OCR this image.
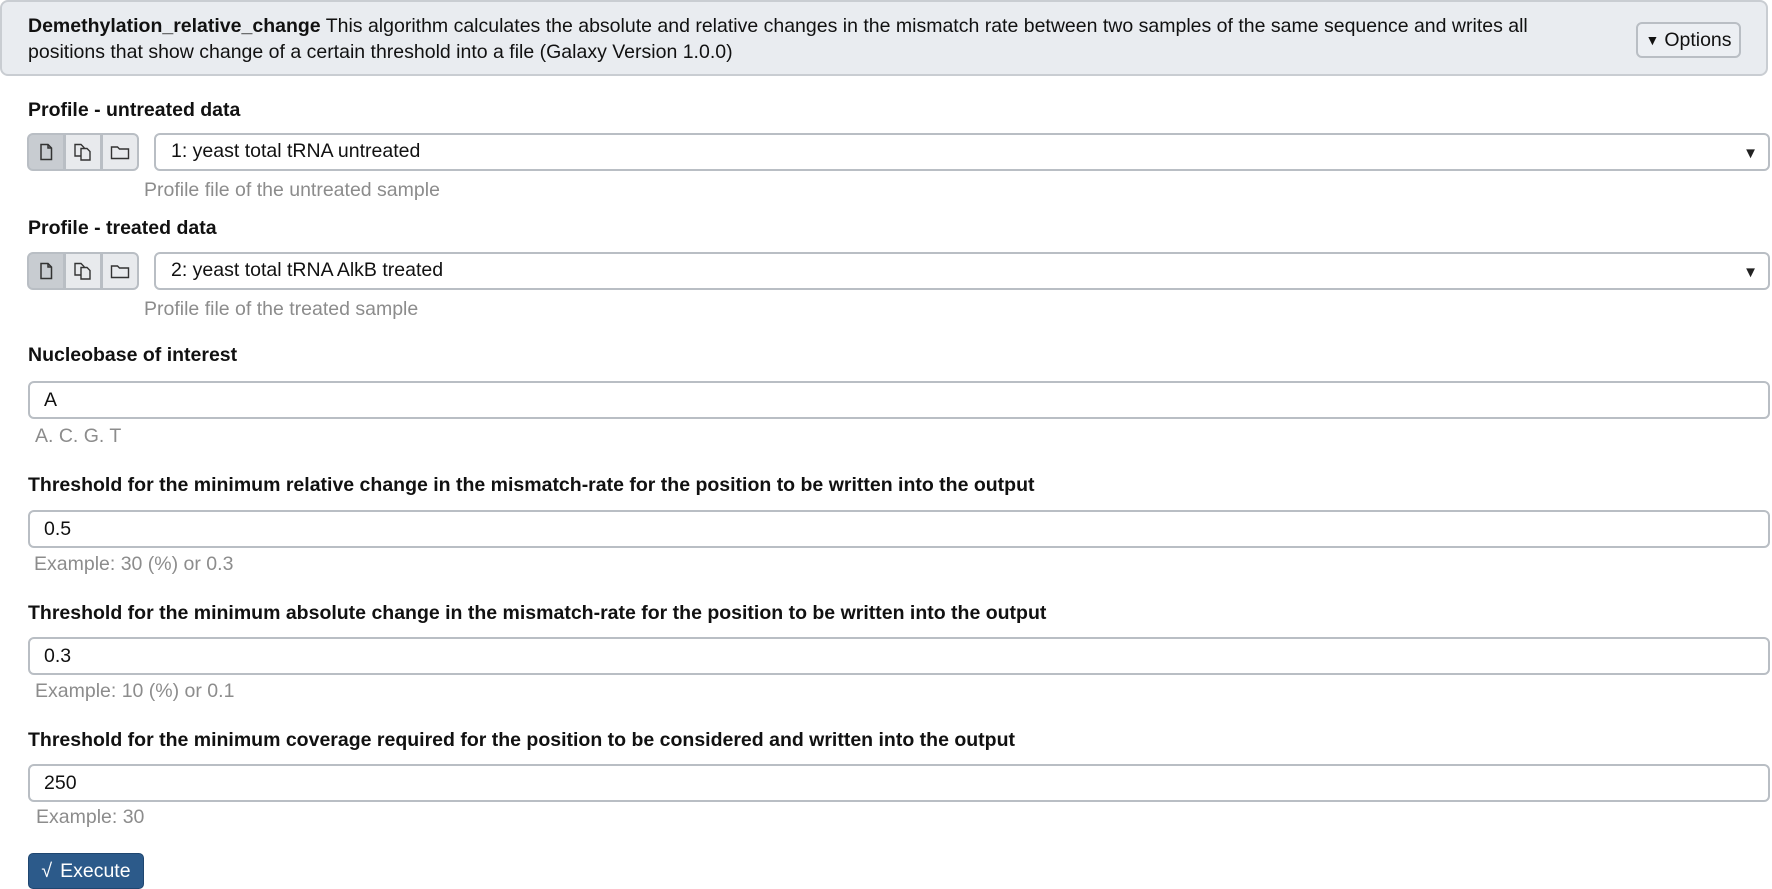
Demethylation_relative_change This algorithm calculates the absolute and relative changes in the mismatch rate between two samples of the same sequence and writes all positions that show change of a certain threshold into a file (Galaxy Version 1.0.0)
▼ Options
Profile - untreated data
1: yeast total tRNA untreated	▼
Profile file of the untreated sample
Profile - treated data
2: yeast total tRNA AlkB treated	▼
Profile file of the treated sample
Nucleobase of interest
A
A. C. G. T
Threshold for the minimum relative change in the mismatch-rate for the position to be written into the output
0.5
Example: 30 (%) or 0.3
Threshold for the minimum absolute change in the mismatch-rate for the position to be written into the output
0.3
Example: 10 (%) or 0.1
Threshold for the minimum coverage required for the position to be considered and written into the output
250
Example: 30
√ Execute
